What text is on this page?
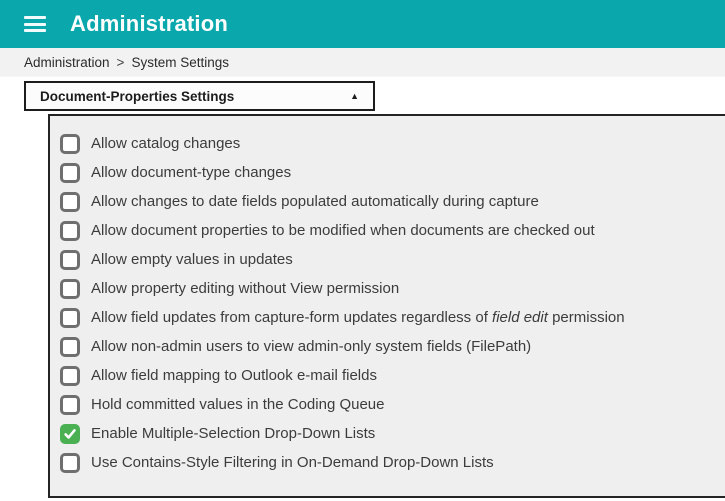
Administration
Administration > System Settings
Document-Properties Settings	▲
Allow catalog changes
Allow document-type changes
Allow changes to date fields populated automatically during capture
Allow document properties to be modified when documents are checked out
Allow empty values in updates
Allow property editing without View permission
Allow field updates from capture-form updates regardless of field edit permission
Allow non-admin users to view admin-only system fields (FilePath)
Allow field mapping to Outlook e-mail fields
Hold committed values in the Coding Queue
Enable Multiple-Selection Drop-Down Lists
Use Contains-Style Filtering in On-Demand Drop-Down Lists
